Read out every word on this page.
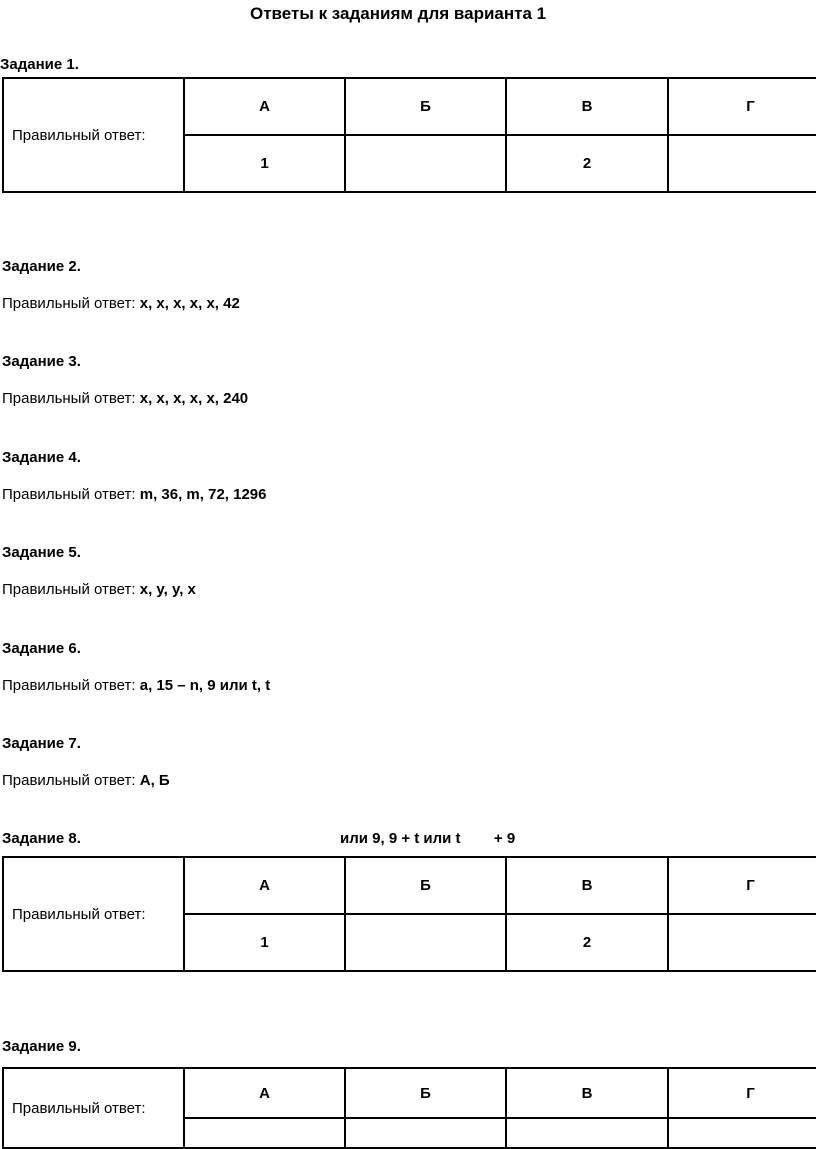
Ответы к заданиям для варианта 1
Задание 1.
Правильный ответ:	А	Б	В	Г
	1		2	
Задание 2.
Правильный ответ: x, x, x, x, x, 42
Задание 3.
Правильный ответ: x, x, x, x, x, 240
Задание 4.
Правильный ответ: m, 36, m, 72, 1296
Задание 5.
Правильный ответ: x, y, y, x
Задание 6.
Правильный ответ: a, 15 – n, 9 или t, t
Задание 7.
Правильный ответ: А, Б
Задание 8.	или 9, 9 + t или t        + 9
Правильный ответ:	А	Б	В	Г
	1		2	
Задание 9.
Правильный ответ:	А	Б	В	Г
